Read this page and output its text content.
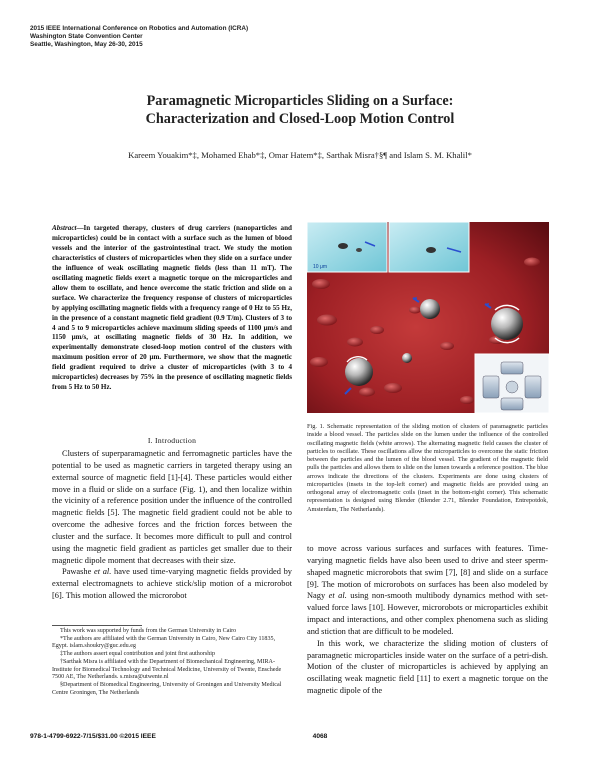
2015 IEEE International Conference on Robotics and Automation (ICRA)
Washington State Convention Center
Seattle, Washington, May 26-30, 2015
Paramagnetic Microparticles Sliding on a Surface:
Characterization and Closed-Loop Motion Control
Kareem Youakim*‡, Mohamed Ehab*‡, Omar Hatem*‡, Sarthak Misra†§¶ and Islam S. M. Khalil*
Abstract—In targeted therapy, clusters of drug carriers (nanoparticles and microparticles) could be in contact with a surface such as the lumen of blood vessels and the interior of the gastrointestinal tract. We study the motion characteristics of clusters of microparticles when they slide on a surface under the influence of weak oscillating magnetic fields (less than 11 mT). The oscillating magnetic fields exert a magnetic torque on the microparticles and allow them to oscillate, and hence overcome the static friction and slide on a surface. We characterize the frequency response of clusters of microparticles by applying oscillating magnetic fields with a frequency range of 0 Hz to 55 Hz, in the presence of a constant magnetic field gradient (0.9 T/m). Clusters of 3 to 4 and 5 to 9 microparticles achieve maximum sliding speeds of 1100 μm/s and 1150 μm/s, at oscillating magnetic fields of 30 Hz. In addition, we experimentally demonstrate closed-loop motion control of the clusters with maximum position error of 20 μm. Furthermore, we show that the magnetic field gradient required to drive a cluster of microparticles (with 3 to 4 microparticles) decreases by 75% in the presence of oscillating magnetic fields from 5 Hz to 50 Hz.
I. Introduction

Clusters of superparamagnetic and ferromagnetic particles have the potential to be used as magnetic carriers in targeted therapy using an external source of magnetic field [1]-[4]. These particles would either move in a fluid or slide on a surface (Fig. 1), and then localize within the vicinity of a reference position under the influence of the controlled magnetic fields [5]. The magnetic field gradient could not be able to overcome the adhesive forces and the friction forces between the cluster and the surface. It becomes more difficult to pull and control using the magnetic field gradient as particles get smaller due to their magnetic dipole moment that decreases with their size.

Pawashe et al. have used time-varying magnetic fields provided by external electromagnets to achieve stick/slip motion of a microrobot [6]. This motion allowed the microrobot

This work was supported by funds from the German University in Cairo

*The authors are affiliated with the German University in Cairo, New Cairo City 11835, Egypt. islam.shoukry@guc.edu.eg

‡The authors assert equal contribution and joint first authorship

†Sarthak Misra is affiliated with the Department of Biomechanical Engineering, MIRA-Institute for Biomedical Technology and Technical Medicine, University of Twente, Enschede 7500 AE, The Netherlands. s.misra@utwente.nl

§Department of Biomedical Engineering, University of Groningen and University Medical Centre Groningen, The Netherlands

10 μm
Fig. 1. Schematic representation of the sliding motion of clusters of paramagnetic particles inside a blood vessel. The particles slide on the lumen under the influence of the controlled oscillating magnetic fields (white arrows). The alternating magnetic field causes the cluster of particles to oscillate. These oscillations allow the microparticles to overcome the static friction between the particles and the lumen of the blood vessel. The gradient of the magnetic field pulls the particles and allows them to slide on the lumen towards a reference position. The blue arrows indicate the directions of the clusters. Experiments are done using clusters of microparticles (insets in the top-left corner) and magnetic fields are provided using an orthogonal array of electromagnetic coils (inset in the bottom-right corner). This schematic representation is designed using Blender (Blender 2.71, Blender Foundation, Entrepotdok, Amsterdam, The Netherlands).

to move across various surfaces and surfaces with features. Time-varying magnetic fields have also been used to drive and steer sperm-shaped magnetic microrobots that swim [7], [8] and slide on a surface [9]. The motion of microrobots on surfaces has been also modeled by Nagy et al. using non-smooth multibody dynamics method with set-valued force laws [10]. However, microrobots or microparticles exhibit impact and interactions, and other complex phenomena such as sliding and stiction that are difficult to be modeled.

In this work, we characterize the sliding motion of clusters of paramagnetic microparticles inside water on the surface of a petri-dish. Motion of the cluster of microparticles is achieved by applying an oscillating weak magnetic field [11] to exert a magnetic torque on the magnetic dipole of the

978-1-4799-6922-7/15/$31.00 ©2015 IEEE	4068
